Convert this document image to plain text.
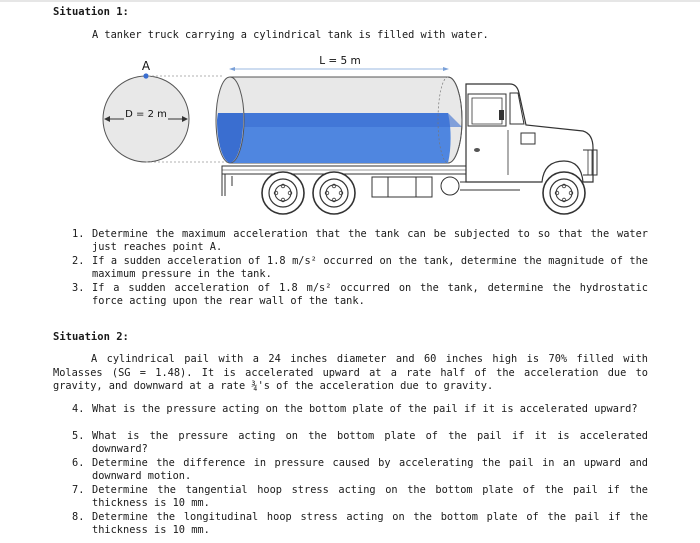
Situation 1:
A tanker truck carrying a cylindrical tank is filled with water.
D = 2 m
A	L = 5 m
1. Determine the maximum acceleration that the tank can be subjected to so that the water just reaches point A.
2. If a sudden acceleration of 1.8 m/s² occurred on the tank, determine the magnitude of the maximum pressure in the tank.
3. If a sudden acceleration of 1.8 m/s² occurred on the tank, determine the hydrostatic force acting upon the rear wall of the tank.
Situation 2:
A cylindrical pail with a 24 inches diameter and 60 inches high is 70% filled with Molasses (SG = 1.48). It is accelerated upward at a rate half of the acceleration due to gravity, and downward at a rate ¾'s of the acceleration due to gravity.
4. What is the pressure acting on the bottom plate of the pail if it is accelerated upward?
5. What is the pressure acting on the bottom plate of the pail if it is accelerated downward?
6. Determine the difference in pressure caused by accelerating the pail in an upward and downward motion.
7. Determine the tangential hoop stress acting on the bottom plate of the pail if the thickness is 10 mm.
8. Determine the longitudinal hoop stress acting on the bottom plate of the pail if the thickness is 10 mm.
